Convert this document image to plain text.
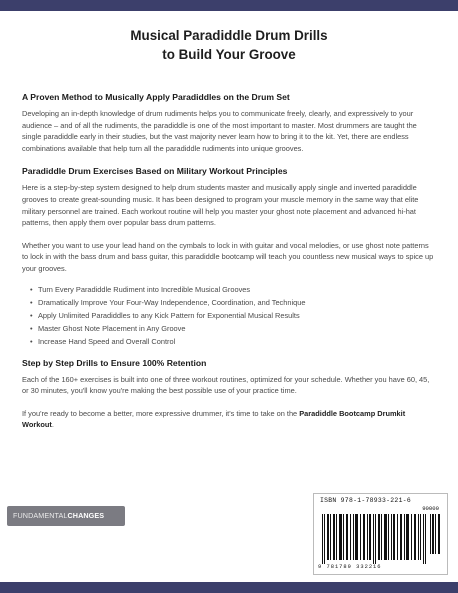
Musical Paradiddle Drum Drills
to Build Your Groove
A Proven Method to Musically Apply Paradiddles on the Drum Set

Developing an in-depth knowledge of drum rudiments helps you to communicate freely, clearly, and expressively to your audience – and of all the rudiments, the paradiddle is one of the most important to master. Most drummers are taught the single paradiddle early in their studies, but the vast majority never learn how to bring it to the kit. Yet, there are endless combinations available that help turn all the paradiddle rudiments into unique grooves.

Paradiddle Drum Exercises Based on Military Workout Principles

Here is a step-by-step system designed to help drum students master and musically apply single and inverted paradiddle grooves to create great-sounding music. It has been designed to program your muscle memory in the same way that elite military personnel are trained. Each workout routine will help you master your ghost note placement and advanced hi-hat patterns, then apply them over popular bass drum patterns.

Whether you want to use your lead hand on the cymbals to lock in with guitar and vocal melodies, or use ghost note patterns to lock in with the bass drum and bass guitar, this paradiddle bootcamp will teach you countless new musical ways to spice up your grooves.

• Turn Every Paradiddle Rudiment into Incredible Musical Grooves
• Dramatically Improve Your Four-Way Independence, Coordination, and Technique
• Apply Unlimited Paradiddles to any Kick Pattern for Exponential Musical Results
• Master Ghost Note Placement in Any Groove
• Increase Hand Speed and Overall Control
Step by Step Drills to Ensure 100% Retention

Each of the 160+ exercises is built into one of three workout routines, optimized for your schedule. Whether you have 60, 45, or 30 minutes, you'll know you're making the best possible use of your practice time.

If you're ready to become a better, more expressive drummer, it's time to take on the Paradiddle Bootcamp Drumkit Workout.

FUNDAMENTALCHANGES
ISBN 978-1-78933-221-6
90000
9 781789 332216
